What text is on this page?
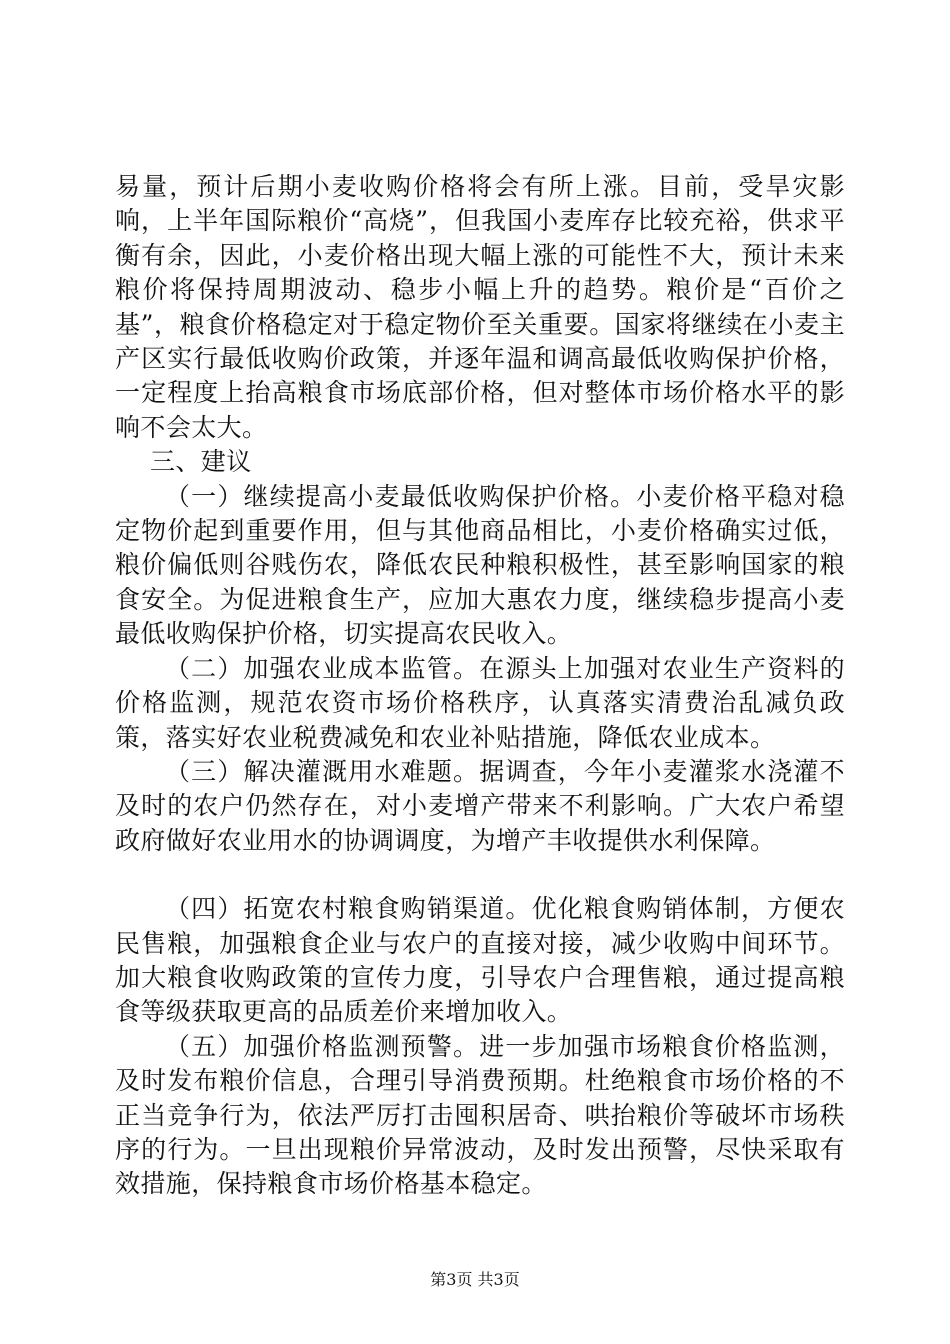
易量，预计后期小麦收购价格将会有所上涨。目前，受旱灾影响，上半年国际粮价“高烧”，但我国小麦库存比较充裕，供求平衡有余，因此，小麦价格出现大幅上涨的可能性不大，预计未来粮价将保持周期波动、稳步小幅上升的趋势。粮价是“百价之基”，粮食价格稳定对于稳定物价至关重要。国家将继续在小麦主产区实行最低收购价政策，并逐年温和调高最低收购保护价格，一定程度上抬高粮食市场底部价格，但对整体市场价格水平的影响不会太大。

三、建议

（一）继续提高小麦最低收购保护价格。小麦价格平稳对稳定物价起到重要作用，但与其他商品相比，小麦价格确实过低，粮价偏低则谷贱伤农，降低农民种粮积极性，甚至影响国家的粮食安全。为促进粮食生产，应加大惠农力度，继续稳步提高小麦最低收购保护价格，切实提高农民收入。

（二）加强农业成本监管。在源头上加强对农业生产资料的价格监测，规范农资市场价格秩序，认真落实清费治乱减负政策，落实好农业税费减免和农业补贴措施，降低农业成本。

（三）解决灌溉用水难题。据调查，今年小麦灌浆水浇灌不及时的农户仍然存在，对小麦增产带来不利影响。广大农户希望政府做好农业用水的协调调度，为增产丰收提供水利保障。

（四）拓宽农村粮食购销渠道。优化粮食购销体制，方便农民售粮，加强粮食企业与农户的直接对接，减少收购中间环节。加大粮食收购政策的宣传力度，引导农户合理售粮，通过提高粮食等级获取更高的品质差价来增加收入。

（五）加强价格监测预警。进一步加强市场粮食价格监测，及时发布粮价信息，合理引导消费预期。杜绝粮食市场价格的不正当竞争行为，依法严厉打击囤积居奇、哄抬粮价等破坏市场秩序的行为。一旦出现粮价异常波动，及时发出预警，尽快采取有效措施，保持粮食市场价格基本稳定。

第3页 共3页
